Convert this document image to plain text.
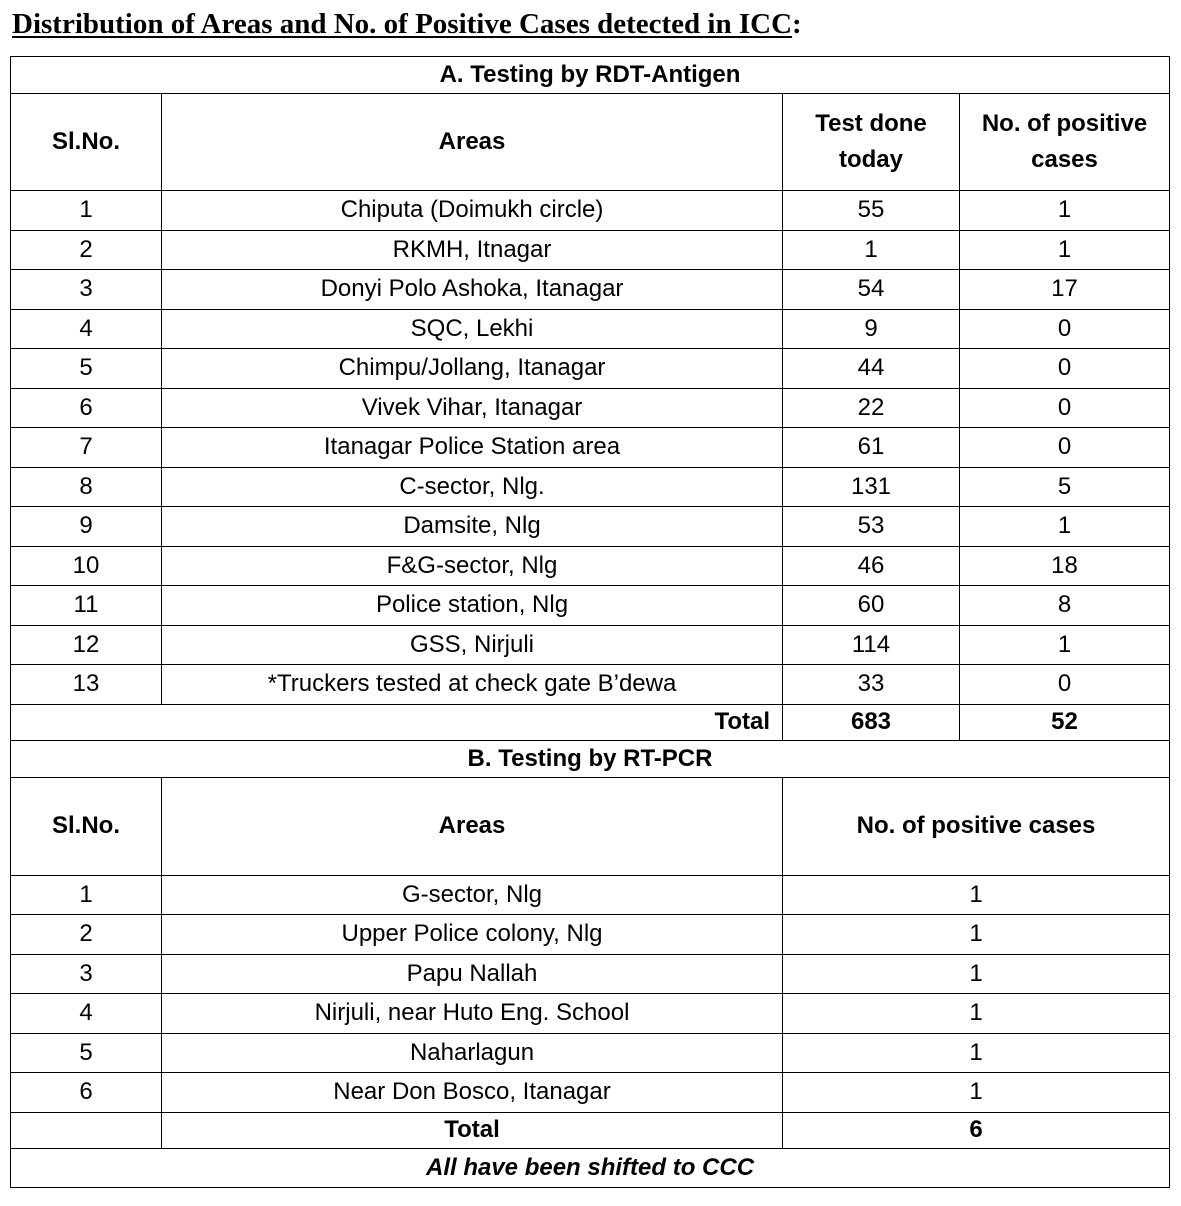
Distribution of Areas and No. of Positive Cases detected in ICC:
A. Testing by RDT-Antigen			
Sl.No.	Areas	Test done today	No. of positive cases
1	Chiputa (Doimukh circle)	55	1
2	RKMH, Itnagar	1	1
3	Donyi Polo Ashoka, Itanagar	54	17
4	SQC, Lekhi	9	0
5	Chimpu/Jollang, Itanagar	44	0
6	Vivek Vihar, Itanagar	22	0
7	Itanagar Police Station area	61	0
8	C-sector, Nlg.	131	5
9	Damsite, Nlg	53	1
10	F&G-sector, Nlg	46	18
11	Police station, Nlg	60	8
12	GSS, Nirjuli	114	1
13	*Truckers tested at check gate B’dewa	33	0
Total		683	52
B. Testing by RT-PCR			
Sl.No.	Areas	No. of positive cases	
1	G-sector, Nlg	1	
2	Upper Police colony, Nlg	1	
3	Papu Nallah	1	
4	Nirjuli, near Huto Eng. School	1	
5	Naharlagun	1	
6	Near Don Bosco, Itanagar	1	
	Total	6	
All have been shifted to CCC			
